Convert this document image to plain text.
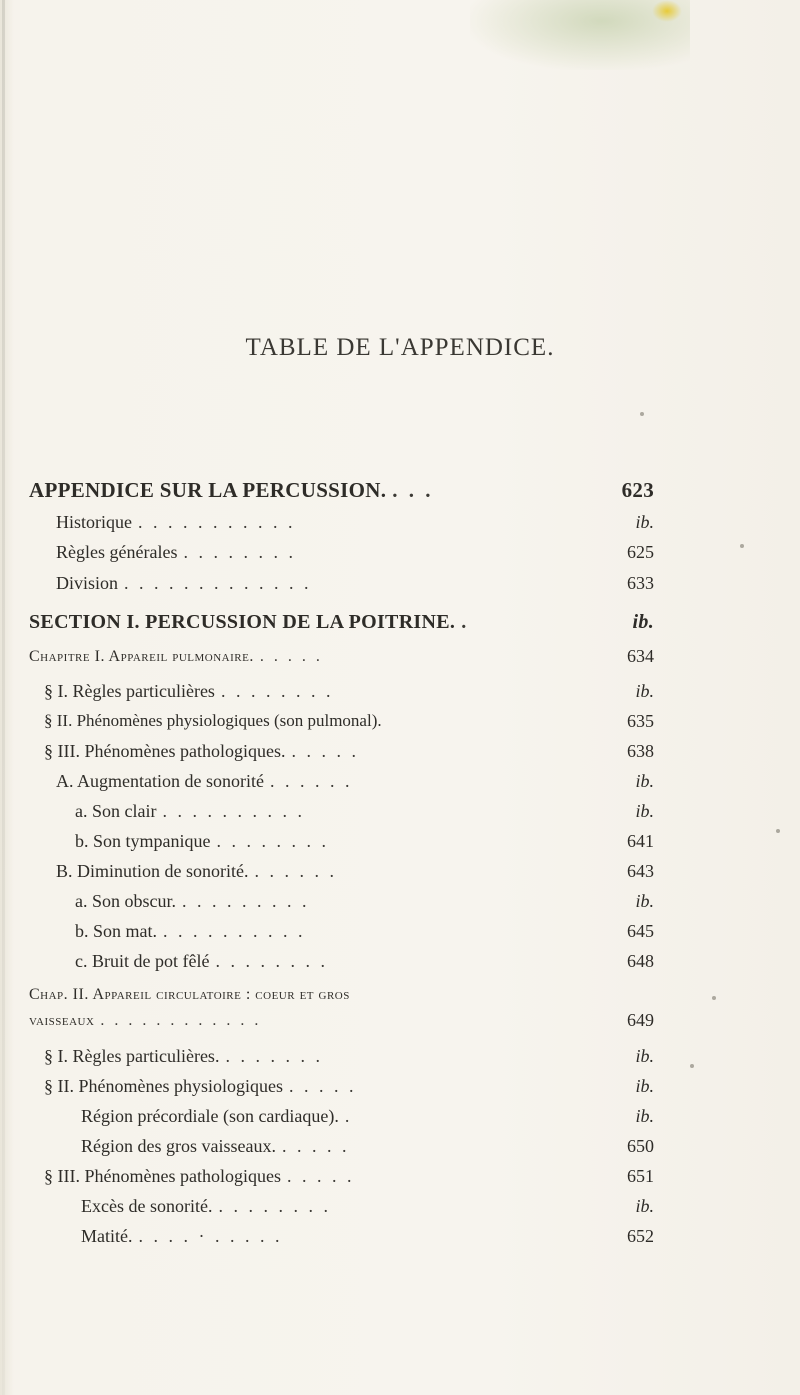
TABLE DE L'APPENDICE.
APPENDICE SUR LA PERCUSSION. . . .	623
Historique . . . . . . . . . . .	ib.
Règles générales . . . . . . . .	625
Division . . . . . . . . . . . . .	633
SECTION I. PERCUSSION DE LA POITRINE. .	ib.
Chapitre I. Appareil pulmonaire. . . . . .	634
§ I. Règles particulières . . . . . . . .	ib.
§ II. Phénomènes physiologiques (son pulmonal).	635
§ III. Phénomènes pathologiques. . . . . .	638
A. Augmentation de sonorité . . . . . .	ib.
a. Son clair . . . . . . . . . .	ib.
b. Son tympanique . . . . . . . .	641
B. Diminution de sonorité. . . . . . .	643
a. Son obscur. . . . . . . . . .	ib.
b. Son mat. . . . . . . . . . .	645
c. Bruit de pot fêlé . . . . . . . .	648
Chap. II. Appareil circulatoire : coeur et gros
vaisseaux . . . . . . . . . . . .	649
§ I. Règles particulières. . . . . . . .	ib.
§ II. Phénomènes physiologiques . . . . .	ib.
Région précordiale (son cardiaque). .	ib.
Région des gros vaisseaux. . . . . .	650
§ III. Phénomènes pathologiques . . . . .	651
Excès de sonorité. . . . . . . . .	ib.
Matité. . . . . · . . . . .	652
